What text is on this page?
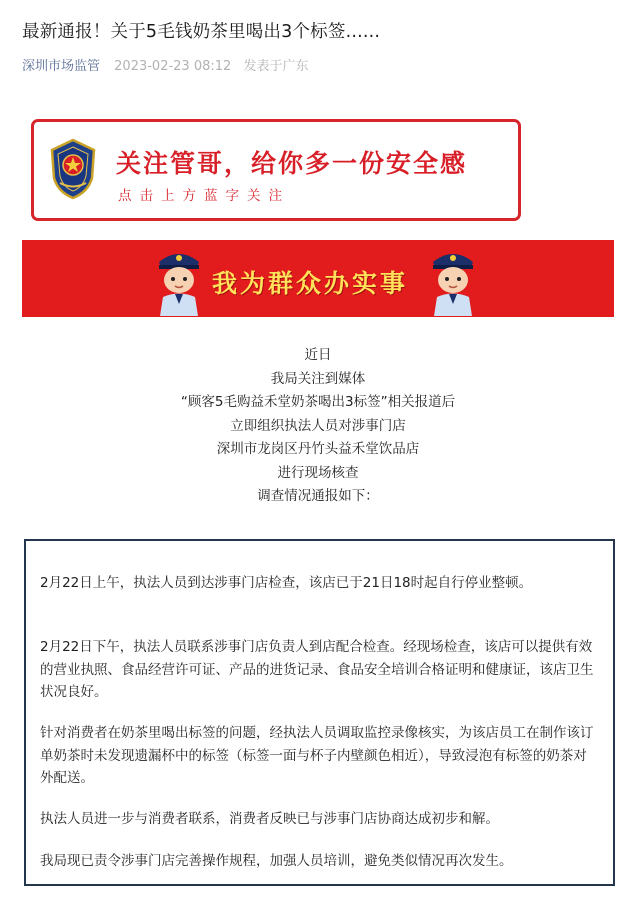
最新通报！关于5毛钱奶茶里喝出3个标签......
深圳市场监管 2023-02-23 08:12 发表于广东
关注管哥，给你多一份安全感
点击上方蓝字关注
我为群众办实事
近日
我局关注到媒体
“顾客5毛购益禾堂奶茶喝出3标签”相关报道后
立即组织执法人员对涉事门店
深圳市龙岗区丹竹头益禾堂饮品店
进行现场核查
调查情况通报如下：

2月22日上午，执法人员到达涉事门店检查，该店已于21日18时起自行停业整顿。

2月22日下午，执法人员联系涉事门店负责人到店配合检查。经现场检查，该店可以提供有效的营业执照、食品经营许可证、产品的进货记录、食品安全培训合格证明和健康证，该店卫生状况良好。

针对消费者在奶茶里喝出标签的问题，经执法人员调取监控录像核实，为该店员工在制作该订单奶茶时未发现遗漏杯中的标签（标签一面与杯子内壁颜色相近），导致浸泡有标签的奶茶对外配送。

执法人员进一步与消费者联系，消费者反映已与涉事门店协商达成初步和解。

我局现已责令涉事门店完善操作规程，加强人员培训，避免类似情况再次发生。
